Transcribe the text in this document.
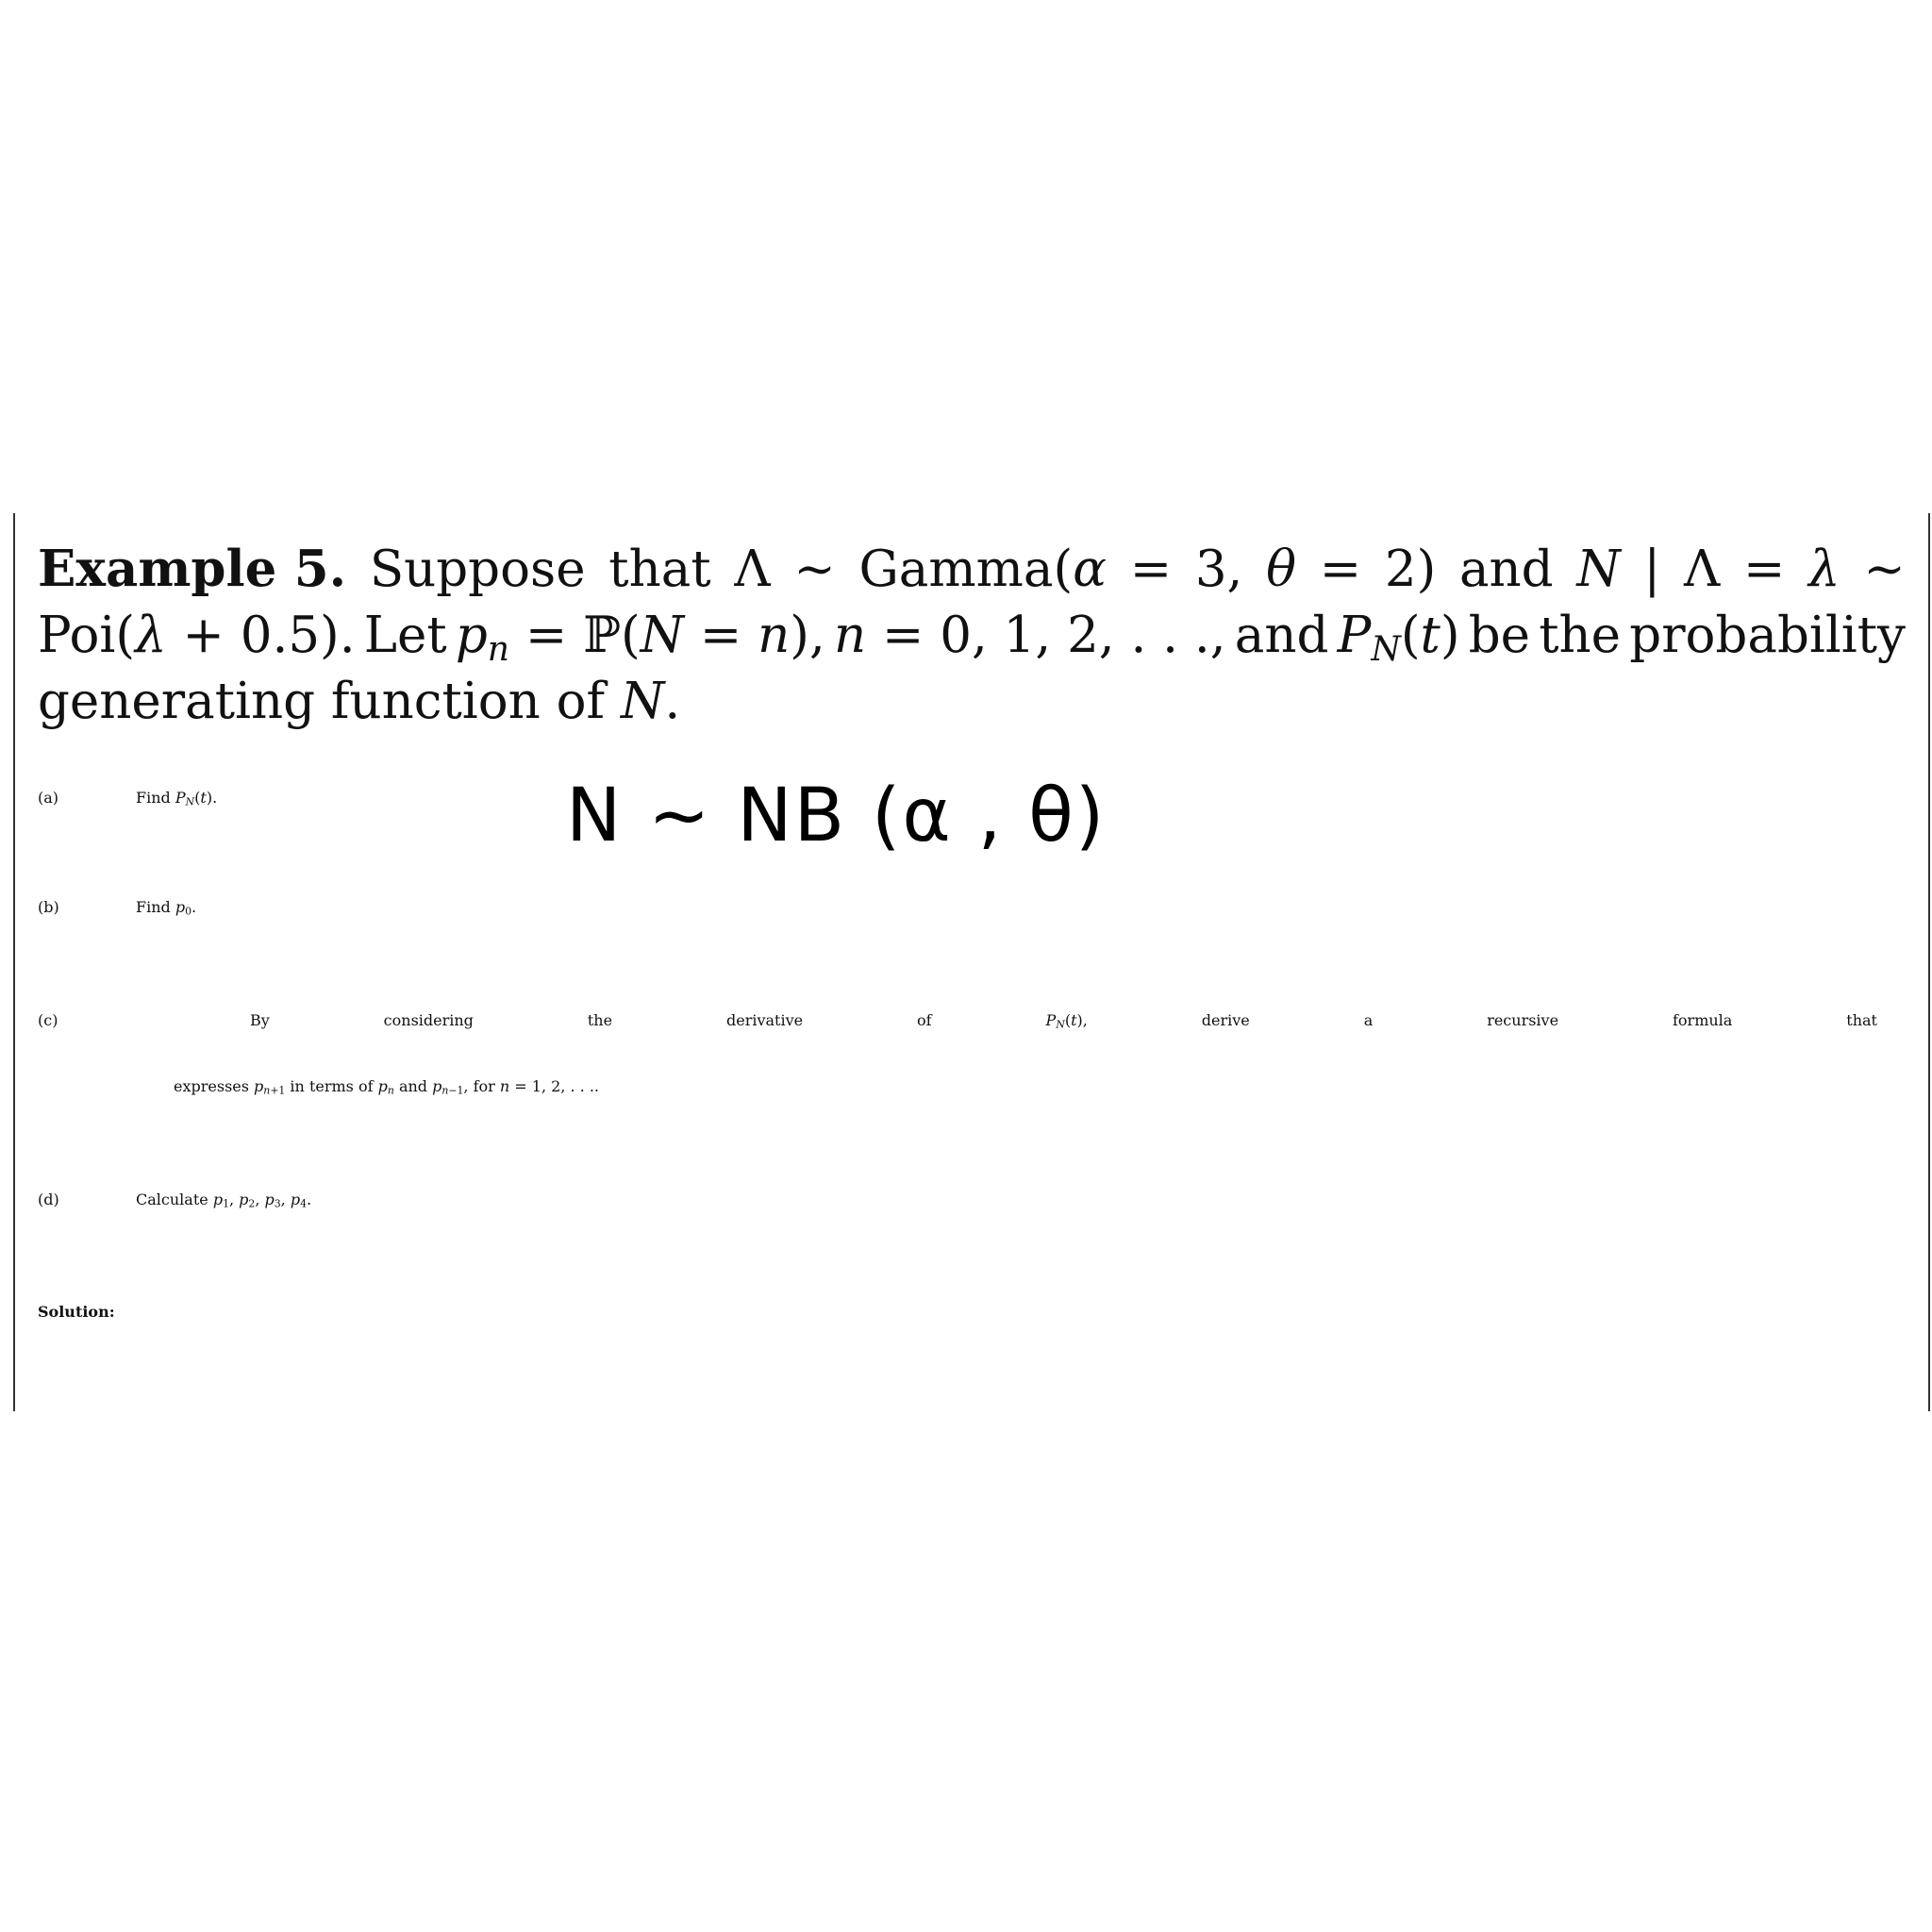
Example 5. Suppose that Λ ∼ Gamma(α = 3, θ = 2) and N | Λ = λ ∼
Poi(λ + 0.5). Let $p_n$ = ℙ(N = n), n = 0, 1, 2, . . ., and $P_N(t)$ be the probability
generating function of N.
(a)	Find $P_N(t)$.	N ~ NB (α , θ)
(b)	Find $p_0$.
(c)	By	considering	the	derivative	of	$P_N(t)$,	derive	a	recursive	formula	that
expresses $p_{n+1}$ in terms of $p_n$ and $p_{n-1}$, for n = 1, 2, . . ..
(d)	Calculate $p_1$, $p_2$, $p_3$, $p_4$.
Solution:
